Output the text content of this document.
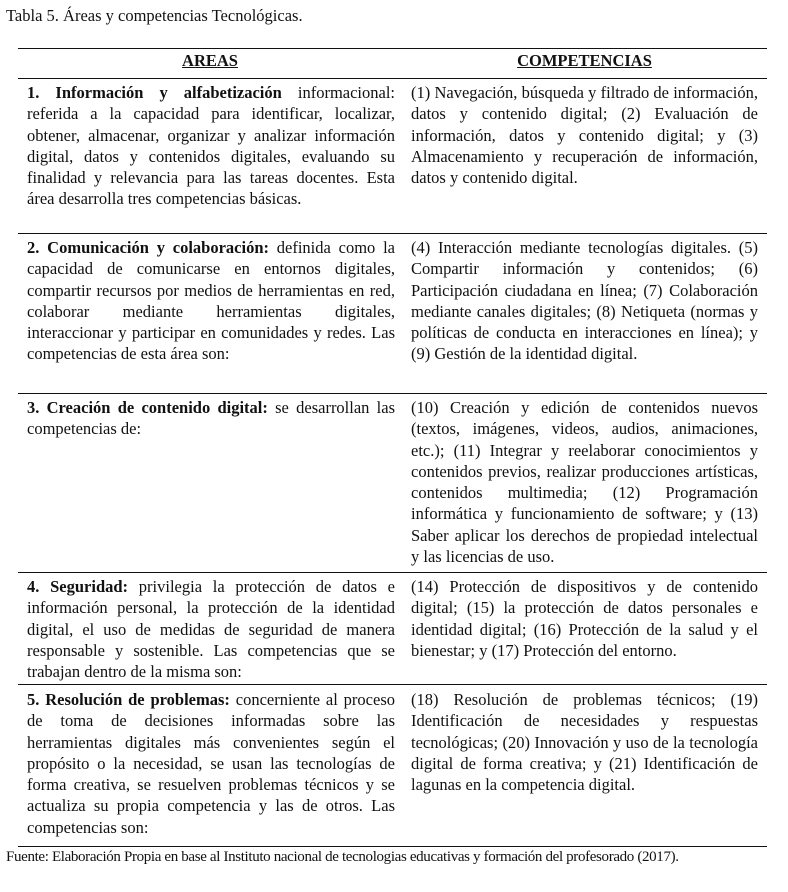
Tabla 5. Áreas y competencias Tecnológicas.
AREAS	COMPETENCIAS
1. Información y alfabetización informacional: referida a la capacidad para identificar, localizar, obtener, almacenar, organizar y analizar información digital, datos y contenidos digitales, evaluando su finalidad y relevancia para las tareas docentes. Esta área desarrolla tres competencias básicas.
(1) Navegación, búsqueda y filtrado de información, datos y contenido digital; (2) Evaluación de información, datos y contenido digital; y (3) Almacenamiento y recuperación de información, datos y contenido digital.
2. Comunicación y colaboración: definida como la capacidad de comunicarse en entornos digitales, compartir recursos por medios de herramientas en red, colaborar mediante herramientas digitales, interaccionar y participar en comunidades y redes. Las competencias de esta área son:
(4) Interacción mediante tecnologías digitales. (5) Compartir información y contenidos; (6) Participación ciudadana en línea; (7) Colaboración mediante canales digitales; (8) Netiqueta (normas y políticas de conducta en interacciones en línea); y (9) Gestión de la identidad digital.
3. Creación de contenido digital: se desarrollan las competencias de:
(10) Creación y edición de contenidos nuevos (textos, imágenes, videos, audios, animaciones, etc.); (11) Integrar y reelaborar conocimientos y contenidos previos, realizar producciones artísticas, contenidos multimedia; (12) Programación informática y funcionamiento de software; y (13) Saber aplicar los derechos de propiedad intelectual y las licencias de uso.
4. Seguridad: privilegia la protección de datos e información personal, la protección de la identidad digital, el uso de medidas de seguridad de manera responsable y sostenible. Las competencias que se trabajan dentro de la misma son:
(14) Protección de dispositivos y de contenido digital; (15) la protección de datos personales e identidad digital; (16) Protección de la salud y el bienestar; y (17) Protección del entorno.
5. Resolución de problemas: concerniente al proceso de toma de decisiones informadas sobre las herramientas digitales más convenientes según el propósito o la necesidad, se usan las tecnologías de forma creativa, se resuelven problemas técnicos y se actualiza su propia competencia y las de otros. Las competencias son:
(18) Resolución de problemas técnicos; (19) Identificación de necesidades y respuestas tecnológicas; (20) Innovación y uso de la tecnología digital de forma creativa; y (21) Identificación de lagunas en la competencia digital.
Fuente: Elaboración Propia en base al Instituto nacional de tecnologias educativas y formación del profesorado (2017).
